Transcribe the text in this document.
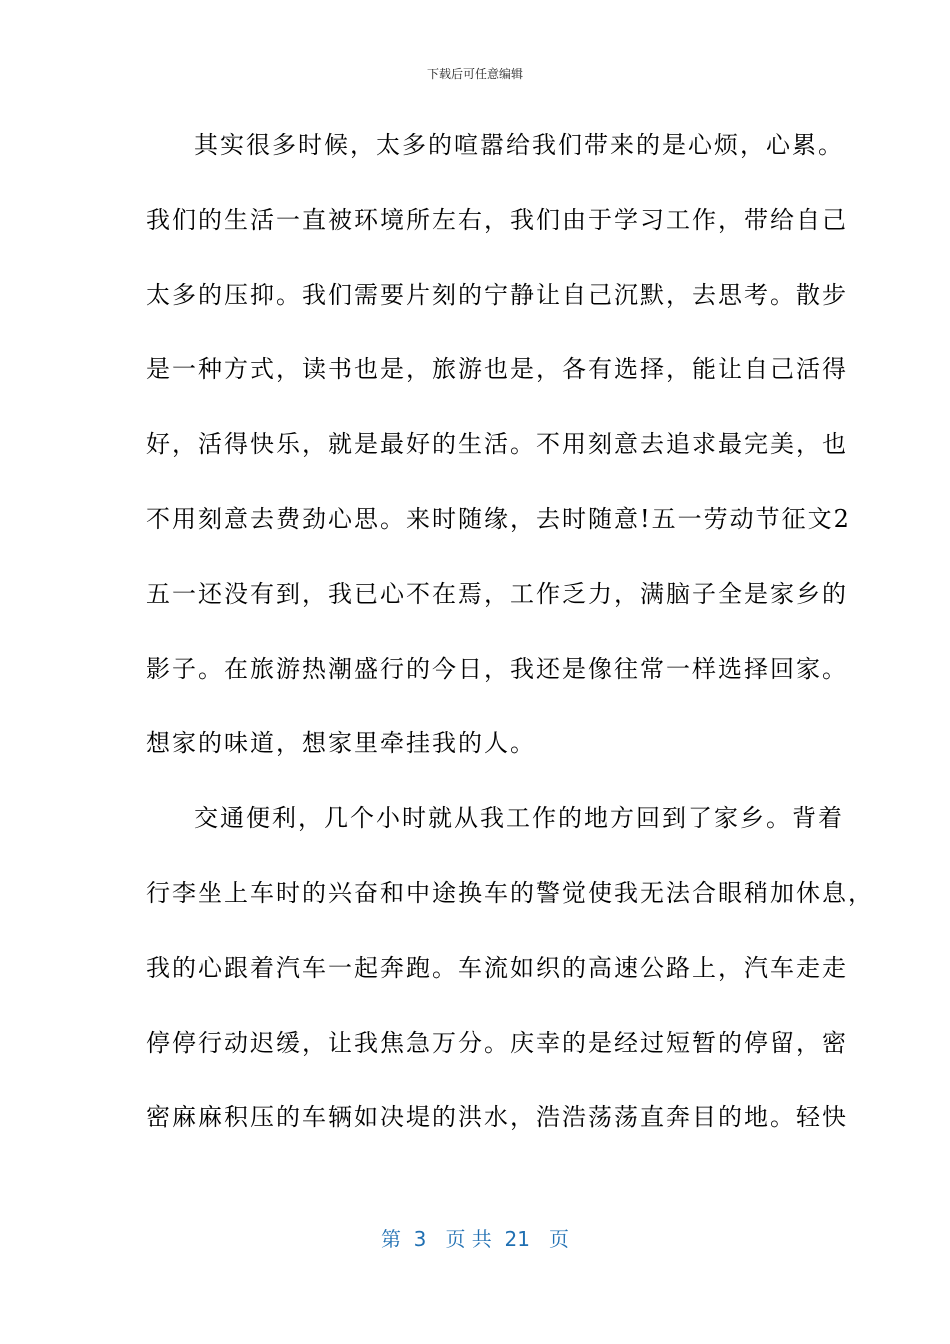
下载后可任意编辑
其实很多时候，太多的喧嚣给我们带来的是心烦，心累。
我们的生活一直被环境所左右，我们由于学习工作，带给自己
太多的压抑。我们需要片刻的宁静让自己沉默，去思考。散步
是一种方式，读书也是，旅游也是，各有选择，能让自己活得
好，活得快乐，就是最好的生活。不用刻意去追求最完美，也
不用刻意去费劲心思。来时随缘，去时随意!五一劳动节征文2
五一还没有到，我已心不在焉，工作乏力，满脑子全是家乡的
影子。在旅游热潮盛行的今日，我还是像往常一样选择回家。
想家的味道，想家里牵挂我的人。
交通便利，几个小时就从我工作的地方回到了家乡。背着
行李坐上车时的兴奋和中途换车的警觉使我无法合眼稍加休息，
我的心跟着汽车一起奔跑。车流如织的高速公路上，汽车走走
停停行动迟缓，让我焦急万分。庆幸的是经过短暂的停留，密
密麻麻积压的车辆如决堤的洪水，浩浩荡荡直奔目的地。轻快
第  3   页 共  21   页
